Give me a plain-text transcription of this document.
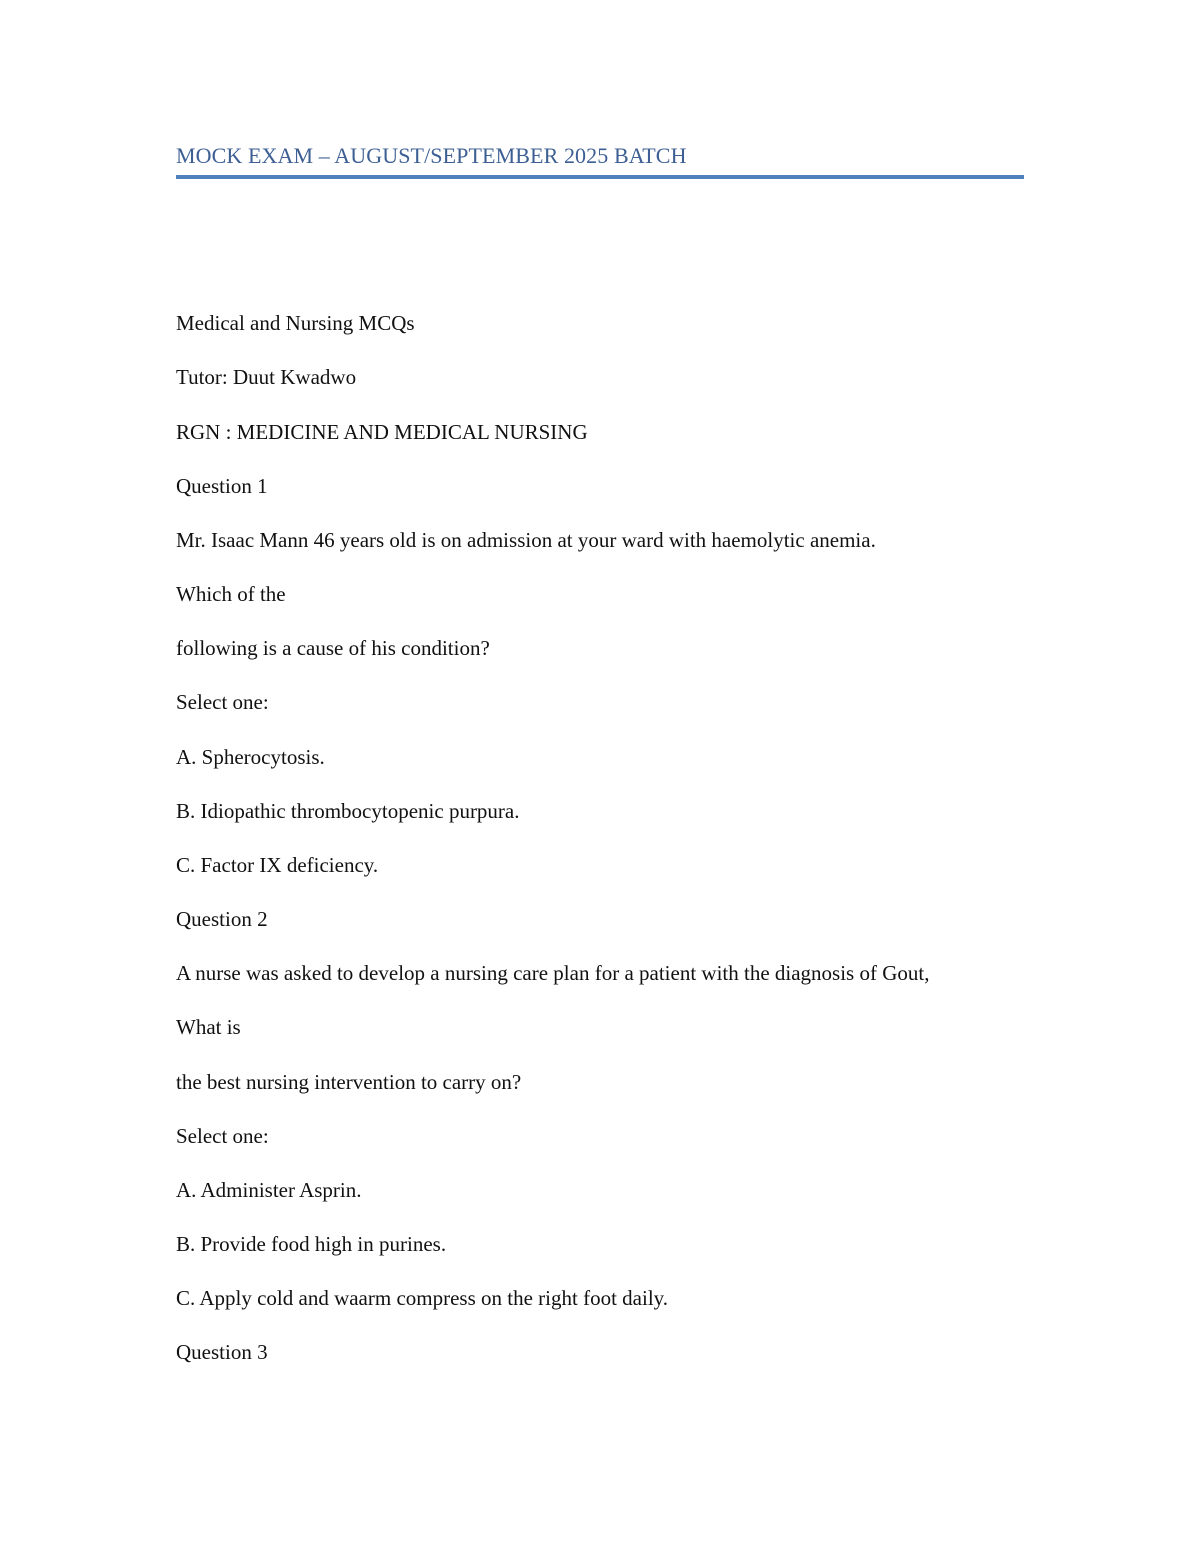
MOCK EXAM – AUGUST/SEPTEMBER 2025 BATCH
Medical and Nursing MCQs
Tutor: Duut Kwadwo
RGN : MEDICINE AND MEDICAL NURSING
Question 1
Mr. Isaac Mann 46 years old is on admission at your ward with haemolytic anemia.
Which of the
following is a cause of his condition?
Select one:
A. Spherocytosis.
B. Idiopathic thrombocytopenic purpura.
C. Factor IX deficiency.
Question 2
A nurse was asked to develop a nursing care plan for a patient with the diagnosis of Gout,
What is
the best nursing intervention to carry on?
Select one:
A. Administer Asprin.
B. Provide food high in purines.
C. Apply cold and waarm compress on the right foot daily.
Question 3
